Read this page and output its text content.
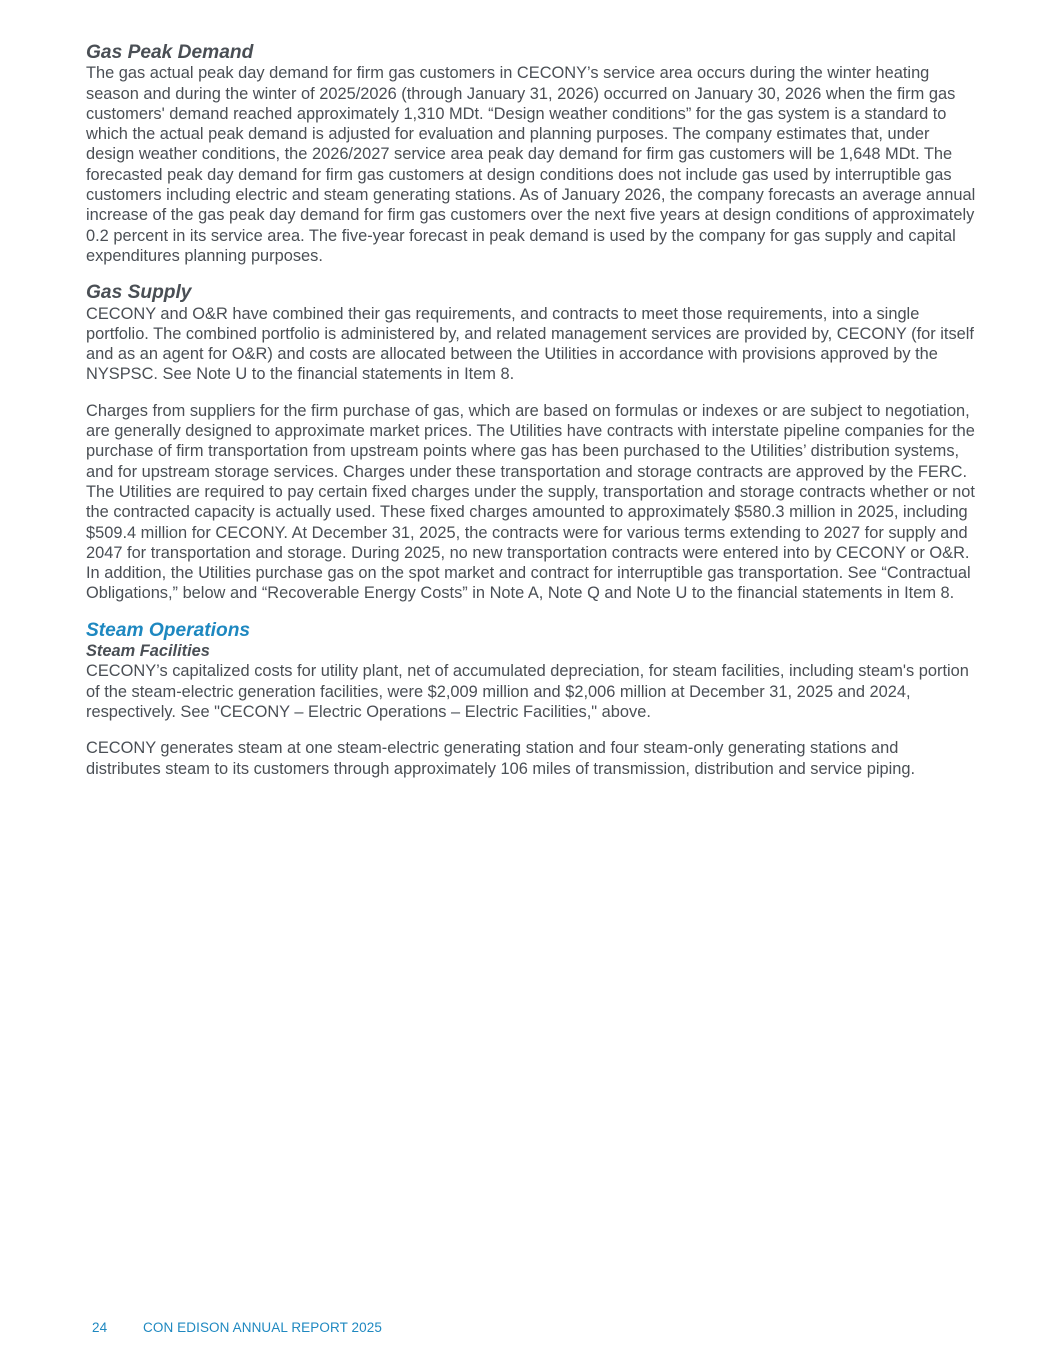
Gas Peak Demand

The gas actual peak day demand for firm gas customers in CECONY’s service area occurs during the winter heating season and during the winter of 2025/2026 (through January 31, 2026) occurred on January 30, 2026 when the firm gas customers' demand reached approximately 1,310 MDt. “Design weather conditions” for the gas system is a standard to which the actual peak demand is adjusted for evaluation and planning purposes. The company estimates that, under design weather conditions, the 2026/2027 service area peak day demand for firm gas customers will be 1,648 MDt. The forecasted peak day demand for firm gas customers at design conditions does not include gas used by interruptible gas customers including electric and steam generating stations. As of January 2026, the company forecasts an average annual increase of the gas peak day demand for firm gas customers over the next five years at design conditions of approximately 0.2 percent in its service area. The five-year forecast in peak demand is used by the company for gas supply and capital expenditures planning purposes.

Gas Supply

CECONY and O&R have combined their gas requirements, and contracts to meet those requirements, into a single portfolio. The combined portfolio is administered by, and related management services are provided by, CECONY (for itself and as an agent for O&R) and costs are allocated between the Utilities in accordance with provisions approved by the NYSPSC. See Note U to the financial statements in Item 8.

Charges from suppliers for the firm purchase of gas, which are based on formulas or indexes or are subject to negotiation, are generally designed to approximate market prices. The Utilities have contracts with interstate pipeline companies for the purchase of firm transportation from upstream points where gas has been purchased to the Utilities’ distribution systems, and for upstream storage services. Charges under these transportation and storage contracts are approved by the FERC. The Utilities are required to pay certain fixed charges under the supply, transportation and storage contracts whether or not the contracted capacity is actually used. These fixed charges amounted to approximately $580.3 million in 2025, including $509.4 million for CECONY. At December 31, 2025, the contracts were for various terms extending to 2027 for supply and 2047 for transportation and storage. During 2025, no new transportation contracts were entered into by CECONY or O&R. In addition, the Utilities purchase gas on the spot market and contract for interruptible gas transportation. See “Contractual Obligations,” below and “Recoverable Energy Costs” in Note A, Note Q and Note U to the financial statements in Item 8.

Steam Operations
Steam Facilities

CECONY’s capitalized costs for utility plant, net of accumulated depreciation, for steam facilities, including steam's portion of the steam-electric generation facilities, were $2,009 million and $2,006 million at December 31, 2025 and 2024, respectively. See "CECONY – Electric Operations – Electric Facilities," above.

CECONY generates steam at one steam-electric generating station and four steam-only generating stations and distributes steam to its customers through approximately 106 miles of transmission, distribution and service piping.

24	CON EDISON ANNUAL REPORT 2025
